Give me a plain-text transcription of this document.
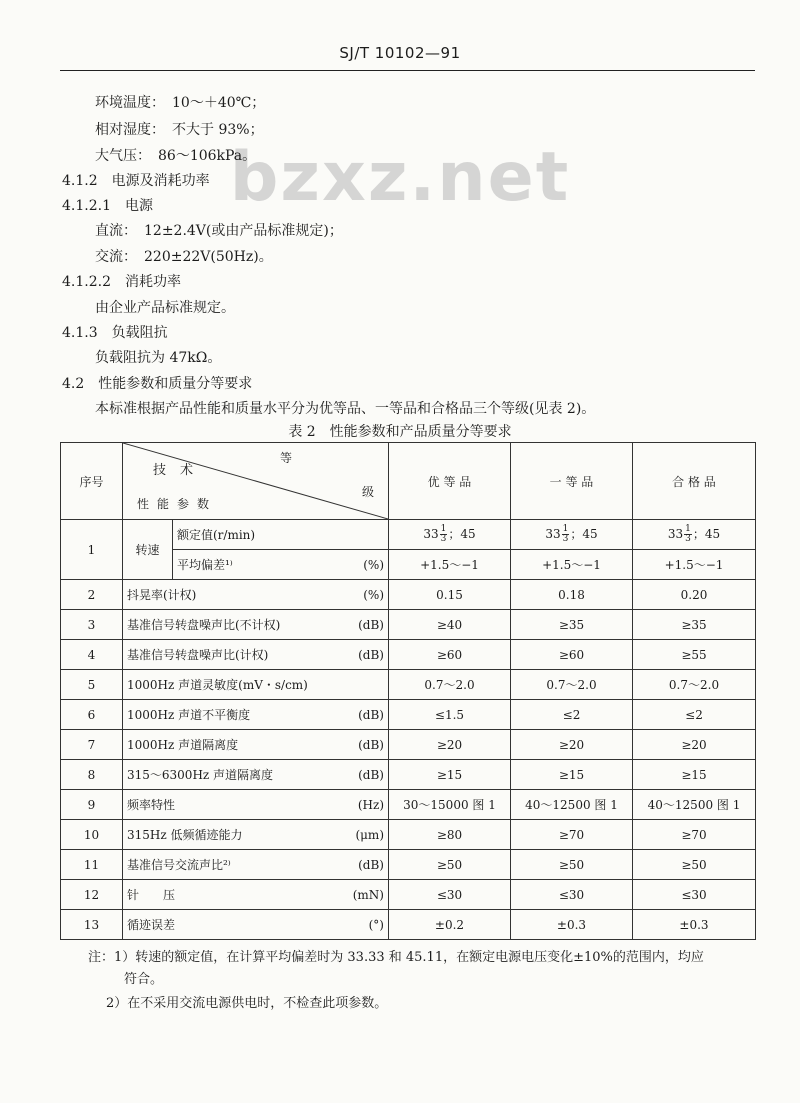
SJ/T 10102—91
bzxz.net
环境温度：　10～＋40℃；
相对湿度：　不大于 93%；
大气压：　86～106kPa。
4.1.2　电源及消耗功率
4.1.2.1　电源
直流：　12±2.4V(或由产品标准规定)；
交流：　220±22V(50Hz)。
4.1.2.2　消耗功率
由企业产品标准规定。
4.1.3　负载阻抗
负载阻抗为 47kΩ。
4.2　性能参数和质量分等要求
本标准根据产品性能和质量水平分为优等品、一等品和合格品三个等级(见表 2)。
表 2　性能参数和产品质量分等要求
序号	技术
等
级
性能参数		优 等 品	一 等 品	合 格 品
1	转速	额定值(r/min)	$33 \frac{1}{3}$ ；45	$33 \frac{1}{3}$ ；45	$33 \frac{1}{3}$ ；45

		平均偏差¹⁾ (%)	+1.5～−1	+1.5～−1	+1.5～−1
2	抖晃率(计权) (%)		0.15	0.18	0.20
3	基准信号转盘噪声比(不计权) (dB)		≥40	≥35	≥35
4	基准信号转盘噪声比(计权) (dB)		≥60	≥60	≥55
5	1000Hz 声道灵敏度(mV・s/cm)		0.7～2.0	0.7～2.0	0.7～2.0
6	1000Hz 声道不平衡度 (dB)		≤1.5	≤2	≤2
7	1000Hz 声道隔离度 (dB)		≥20	≥20	≥20
8	315～6300Hz 声道隔离度 (dB)		≥15	≥15	≥15
9	频率特性 (Hz)		30～15000 图 1	40～12500 图 1	40～12500 图 1
10	315Hz 低频循迹能力 (μm)		≥80	≥70	≥70
11	基准信号交流声比²⁾ (dB)		≥50	≥50	≥50
12	针　　压 (mN)		≤30	≤30	≤30
13	循迹误差 (°)		±0.2	±0.3	±0.3
注：1）转速的额定值，在计算平均偏差时为 33.33 和 45.11，在额定电源电压变化±10%的范围内，均应
符合。
2）在不采用交流电源供电时，不检查此项参数。
